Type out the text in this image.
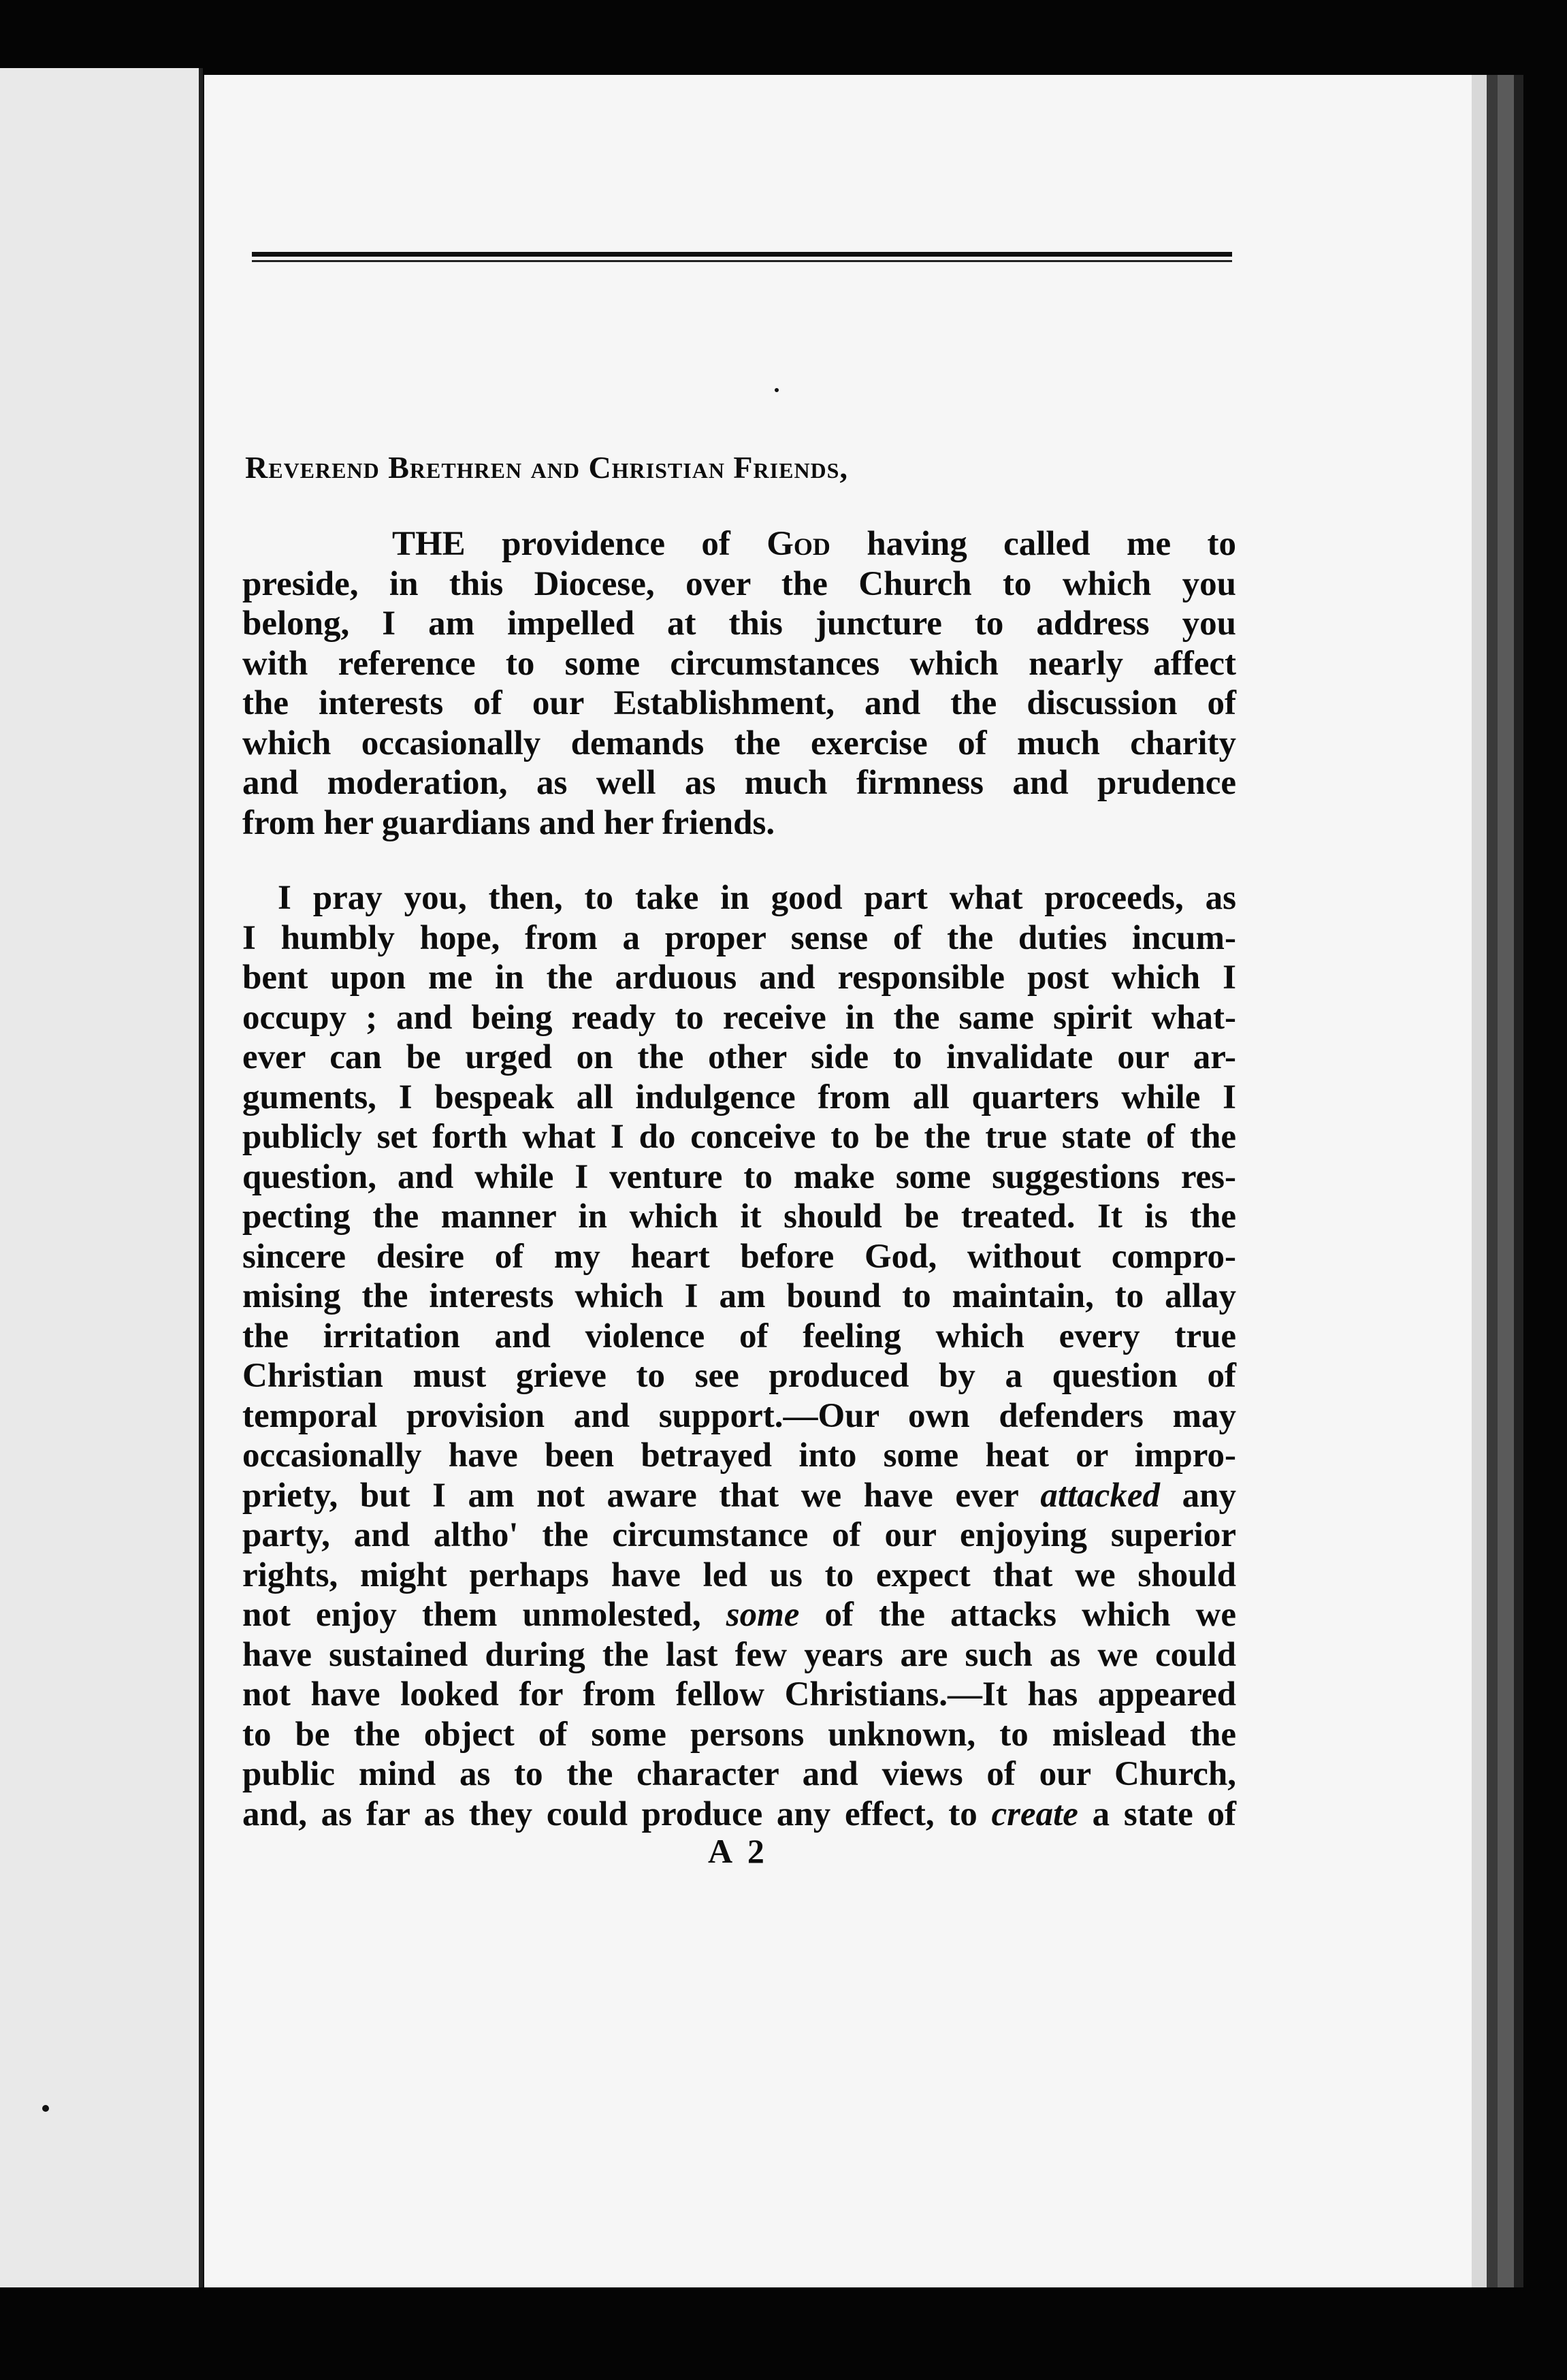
Reverend Brethren and Christian Friends,
THE providence of God having called me to
preside, in this Diocese, over the Church to which you
belong, I am impelled at this juncture to address you
with reference to some circumstances which nearly affect
the interests of our Establishment, and the discussion of
which occasionally demands the exercise of much charity
and moderation, as well as much firmness and prudence
from her guardians and her friends.
I pray you, then, to take in good part what proceeds, as
I humbly hope, from a proper sense of the duties incum-
bent upon me in the arduous and responsible post which I
occupy ; and being ready to receive in the same spirit what-
ever can be urged on the other side to invalidate our ar-
guments, I bespeak all indulgence from all quarters while I
publicly set forth what I do conceive to be the true state of the
question, and while I venture to make some suggestions res-
pecting the manner in which it should be treated. It is the
sincere desire of my heart before God, without compro-
mising the interests which I am bound to maintain, to allay
the irritation and violence of feeling which every true
Christian must grieve to see produced by a question of
temporal provision and support.—Our own defenders may
occasionally have been betrayed into some heat or impro-
priety, but I am not aware that we have ever attacked any
party, and altho' the circumstance of our enjoying superior
rights, might perhaps have led us to expect that we should
not enjoy them unmolested, some of the attacks which we
have sustained during the last few years are such as we could
not have looked for from fellow Christians.—It has appeared
to be the object of some persons unknown, to mislead the
public mind as to the character and views of our Church,
and, as far as they could produce any effect, to create a state of
A 2
